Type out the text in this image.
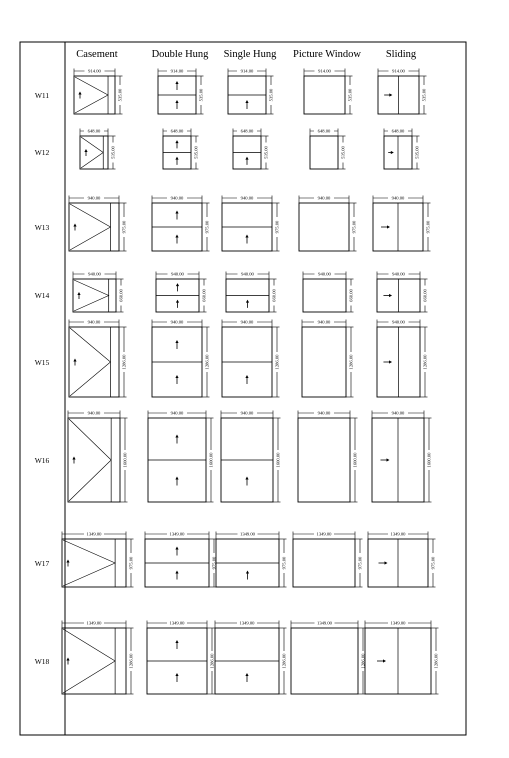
Casement	Double Hung Single Hung Picture Window Sliding
W11
W12
W13
W14
W15
W16
W17
W18
914.00
535.00
914.00
535.00
914.00
535.00
914.00
535.00
914.00
535.00
648.00
535.00
648.00
535.00
648.00
535.00
648.00
535.00
648.00
535.00
940.00
975.00
940.00
975.00
940.00
975.00
940.00
975.00
940.00
975.00
940.00
660.00
940.00
660.00
940.00
660.00
940.00
660.00
940.00
660.00
940.00
1286.00
940.00
1286.00
940.00
1286.00
940.00
1286.00
940.00
1286.00
940.00
1600.00
940.00
1600.00
940.00
1600.00
940.00
1600.00
940.00
1600.00
1349.00
975.00
1349.00
975.00
1349.00
975.00
1349.00
975.00
1349.00
975.00
1349.00
1286.00
1349.00
1286.00
1349.00
1286.00
1349.00
1286.00
1349.00
1286.00
